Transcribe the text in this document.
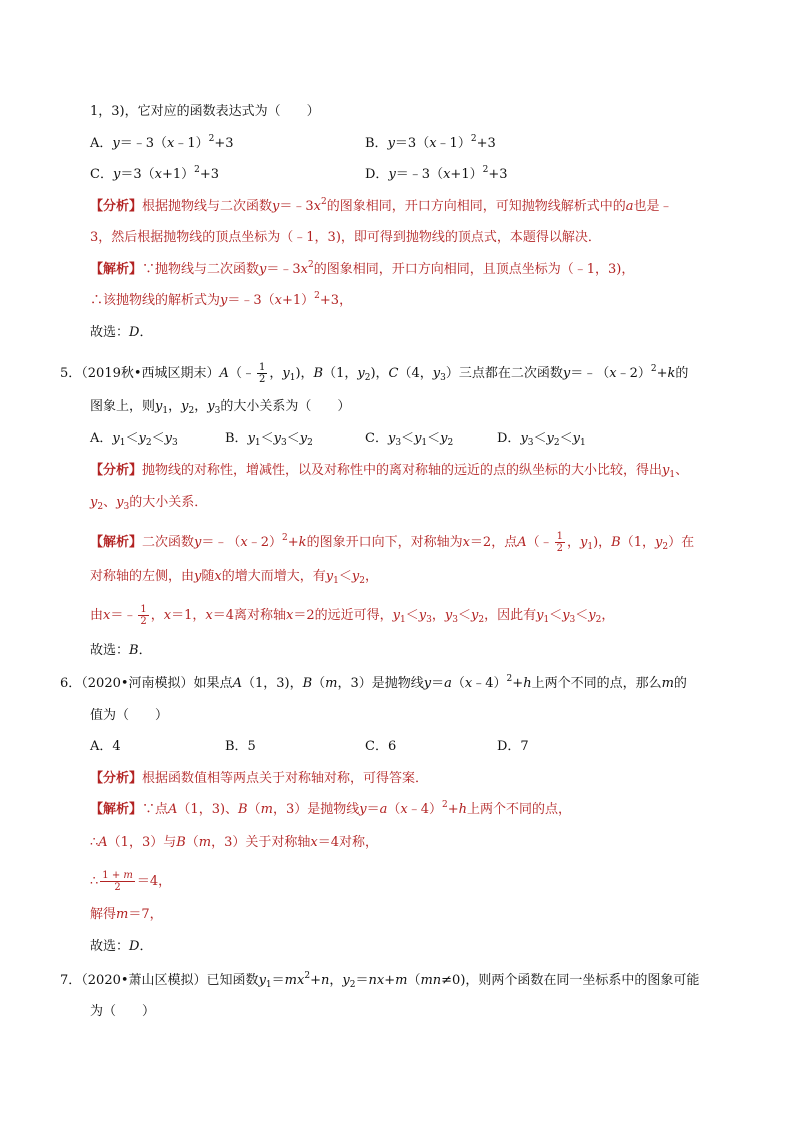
1，3)，它对应的函数表达式为（　　）
A．y＝﹣3（x﹣1）$^2$+3	B．y＝3（x﹣1）$^2$+3
C．$y=3(x+1)^2+3$	D．$y=﹣3(x+1)^2+3$
【分析】根据抛物线与二次函数$y=﹣3x^2$的图象相同，开口方向相同，可知抛物线解析式中的a也是﹣
3，然后根据抛物线的顶点坐标为（﹣1，3)，即可得到抛物线的顶点式，本题得以解决．
【解析】∵抛物线与二次函数$y=﹣3x^2$的图象相同，开口方向相同，且顶点坐标为（﹣1，3)，
∴该抛物线的解析式为$y=﹣3(x+1)^2+3$，
故选：D．
5．（2019秋•西城区期末）A（﹣ $\frac{1}{2}$ ，$y_1$)，B（1，$y_2$)，C（4，$y_3$）三点都在二次函数y＝﹣（x﹣2）$^2$+k的
图象上，则$y_1$，$y_2$，$y_3$的大小关系为（　　）
A．$y_1<y_2<y_3$	B．$y_1<y_3<y_2$	C．$y_3<y_1<y_2$	D．$y_3<y_2<y_1$
【分析】抛物线的对称性，增减性，以及对称性中的离对称轴的远近的点的纵坐标的大小比较，得出$y_1$、
$y_2$、$y_3$的大小关系．
【解析】二次函数y＝﹣（x﹣2）$^2$+k的图象开口向下，对称轴为x＝2，点A（﹣ $\frac{1}{2}$ ，$y_1$)，B（1，$y_2$）在
对称轴的左侧，由y随x的增大而增大，有$y_1<y_2$，
由x＝﹣ $\frac{1}{2}$ ，x＝1，x＝4离对称轴x＝2的远近可得，$y_1<y_3$，$y_3<y_2$，因此有$y_1<y_3<y_2$，
故选：B．
6．（2020•河南模拟）如果点A（1，3)，B（m，3）是抛物线y＝a（x﹣4）$^2$+h上两个不同的点，那么m的
值为（　　）
A．4	B．5	C．6	D．7
【分析】根据函数值相等两点关于对称轴对称，可得答案．
【解析】∵点A（1，3)、B（m，3）是抛物线y＝a（x﹣4）$^2$+h上两个不同的点，
∴A（1，3）与B（m，3）关于对称轴x＝4对称，
∴ $\frac{1 + m}{2} =4$，
解得m＝7，
故选：D．
7．（2020•萧山区模拟）已知函数$y_1=mx^2+n$，$y_2=nx+m(mn\ne 0)$，则两个函数在同一坐标系中的图象可能
为（　　）
